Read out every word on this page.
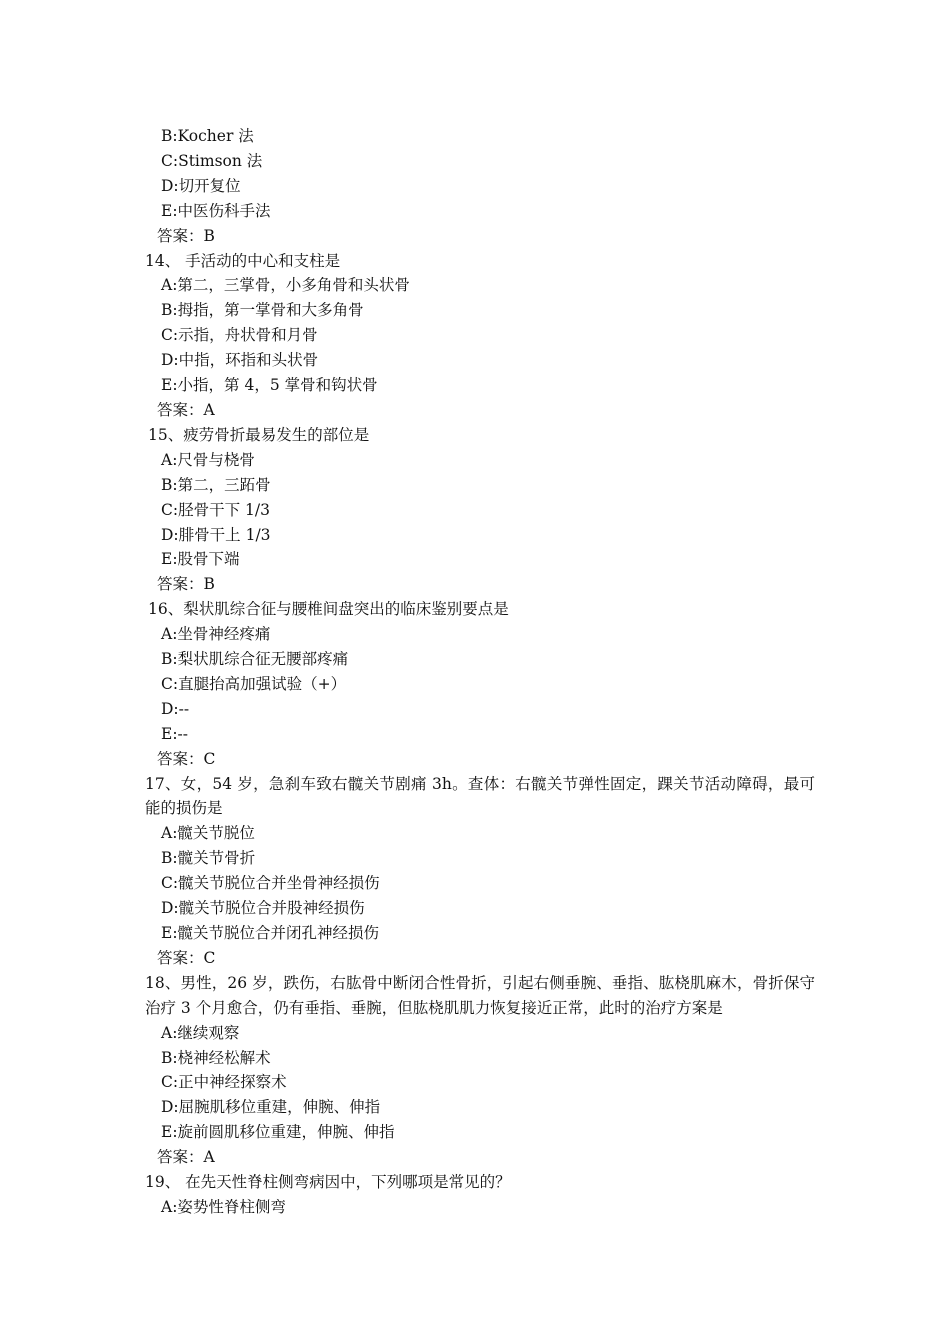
B:Kocher 法
C:Stimson 法
D:切开复位
E:中医伤科手法
答案：B
14、 手活动的中心和支柱是
A:第二，三掌骨，小多角骨和头状骨
B:拇指，第一掌骨和大多角骨
C:示指，舟状骨和月骨
D:中指，环指和头状骨
E:小指，第 4，5 掌骨和钩状骨
答案：A
15、疲劳骨折最易发生的部位是
A:尺骨与桡骨
B:第二，三跖骨
C:胫骨干下 1/3
D:腓骨干上 1/3
E:股骨下端
答案：B
16、梨状肌综合征与腰椎间盘突出的临床鉴别要点是
A:坐骨神经疼痛
B:梨状肌综合征无腰部疼痛
C:直腿抬高加强试验（+）
D:--
E:--
答案：C
17、女，54 岁，急刹车致右髋关节剧痛 3h。查体：右髋关节弹性固定，踝关节活动障碍，最可能的损伤是
A:髋关节脱位
B:髋关节骨折
C:髋关节脱位合并坐骨神经损伤
D:髋关节脱位合并股神经损伤
E:髋关节脱位合并闭孔神经损伤
答案：C
18、男性，26 岁，跌伤，右肱骨中断闭合性骨折，引起右侧垂腕、垂指、肱桡肌麻木，骨折保守治疗 3 个月愈合，仍有垂指、垂腕，但肱桡肌肌力恢复接近正常，此时的治疗方案是
A:继续观察
B:桡神经松解术
C:正中神经探察术
D:屈腕肌移位重建，伸腕、伸指
E:旋前圆肌移位重建，伸腕、伸指
答案：A
19、 在先天性脊柱侧弯病因中，下列哪项是常见的？
A:姿势性脊柱侧弯
